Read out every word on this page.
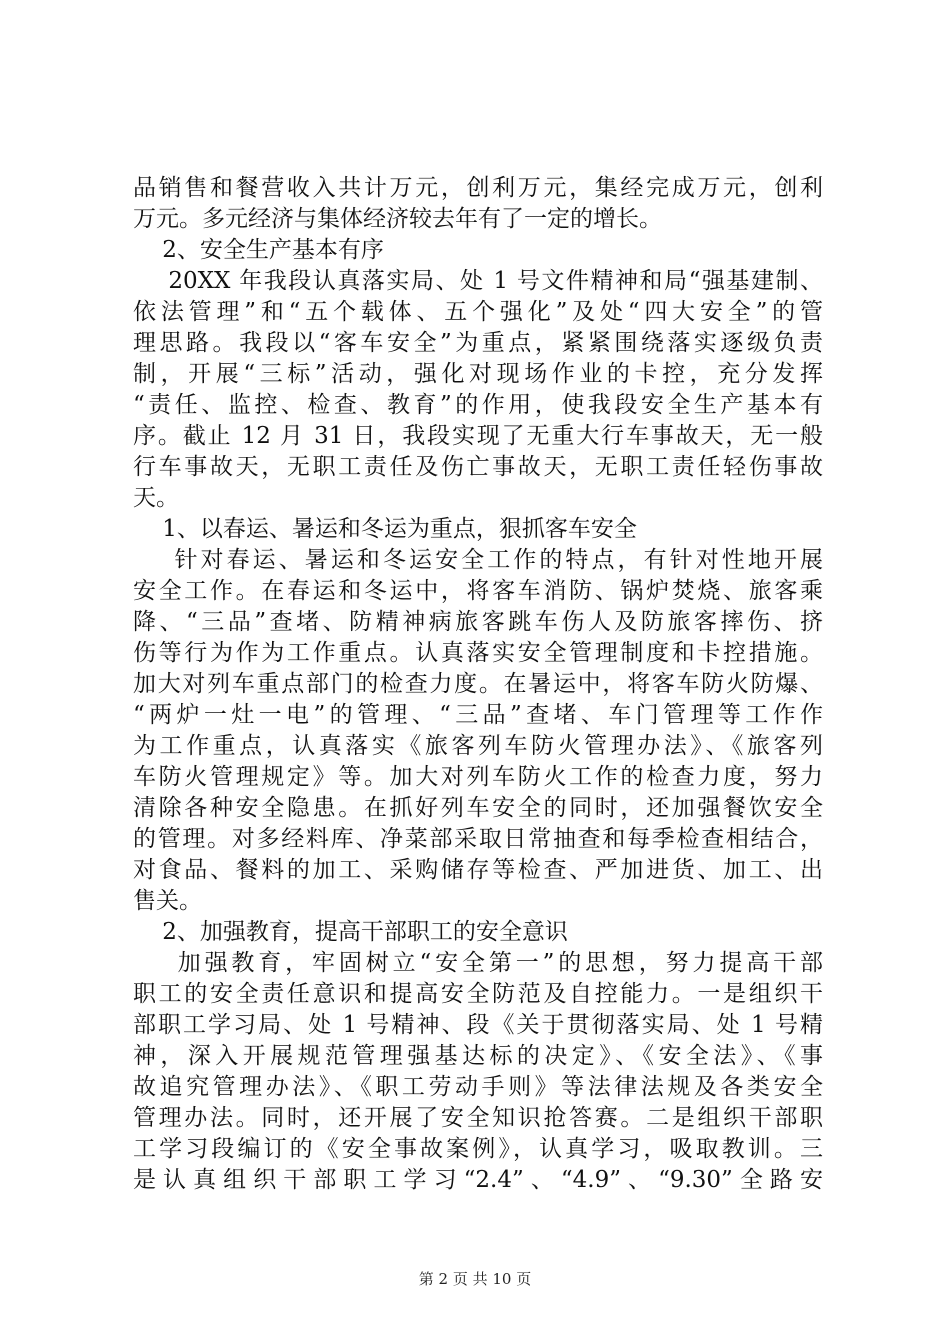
品销售和餐营收入共计万元，创利万元，集经完成万元，创利
万元。多元经济与集体经济较去年有了一定的增长。
2、安全生产基本有序
20XX 年我段认真落实局、处 1 号文件精神和局“强基建制、
依法管理”和“五个载体、五个强化”及处“四大安全”的管
理思路。我段以“客车安全”为重点，紧紧围绕落实逐级负责
制，开展“三标”活动，强化对现场作业的卡控，充分发挥
“责任、监控、检查、教育”的作用，使我段安全生产基本有
序。截止 12 月 31 日，我段实现了无重大行车事故天，无一般
行车事故天，无职工责任及伤亡事故天，无职工责任轻伤事故
天。
1、以春运、暑运和冬运为重点，狠抓客车安全
针对春运、暑运和冬运安全工作的特点，有针对性地开展
安全工作。在春运和冬运中，将客车消防、锅炉焚烧、旅客乘
降、“三品”查堵、防精神病旅客跳车伤人及防旅客摔伤、挤
伤等行为作为工作重点。认真落实安全管理制度和卡控措施。
加大对列车重点部门的检查力度。在暑运中，将客车防火防爆、
“两炉一灶一电”的管理、“三品”查堵、车门管理等工作作
为工作重点，认真落实《旅客列车防火管理办法》、《旅客列
车防火管理规定》等。加大对列车防火工作的检查力度，努力
清除各种安全隐患。在抓好列车安全的同时，还加强餐饮安全
的管理。对多经料库、净菜部采取日常抽查和每季检查相结合，
对食品、餐料的加工、采购储存等检查、严加进货、加工、出
售关。
2、加强教育，提高干部职工的安全意识
加强教育，牢固树立“安全第一”的思想，努力提高干部
职工的安全责任意识和提高安全防范及自控能力。一是组织干
部职工学习局、处 1 号精神、段《关于贯彻落实局、处 1 号精
神，深入开展规范管理强基达标的决定》、《安全法》、《事
故追究管理办法》、《职工劳动手则》等法律法规及各类安全
管理办法。同时，还开展了安全知识抢答赛。二是组织干部职
工学习段编订的《安全事故案例》，认真学习，吸取教训。三
是认真组织干部职工学习“2.4”、“4.9”、“9.30”全路安
第 2 页 共 10 页
